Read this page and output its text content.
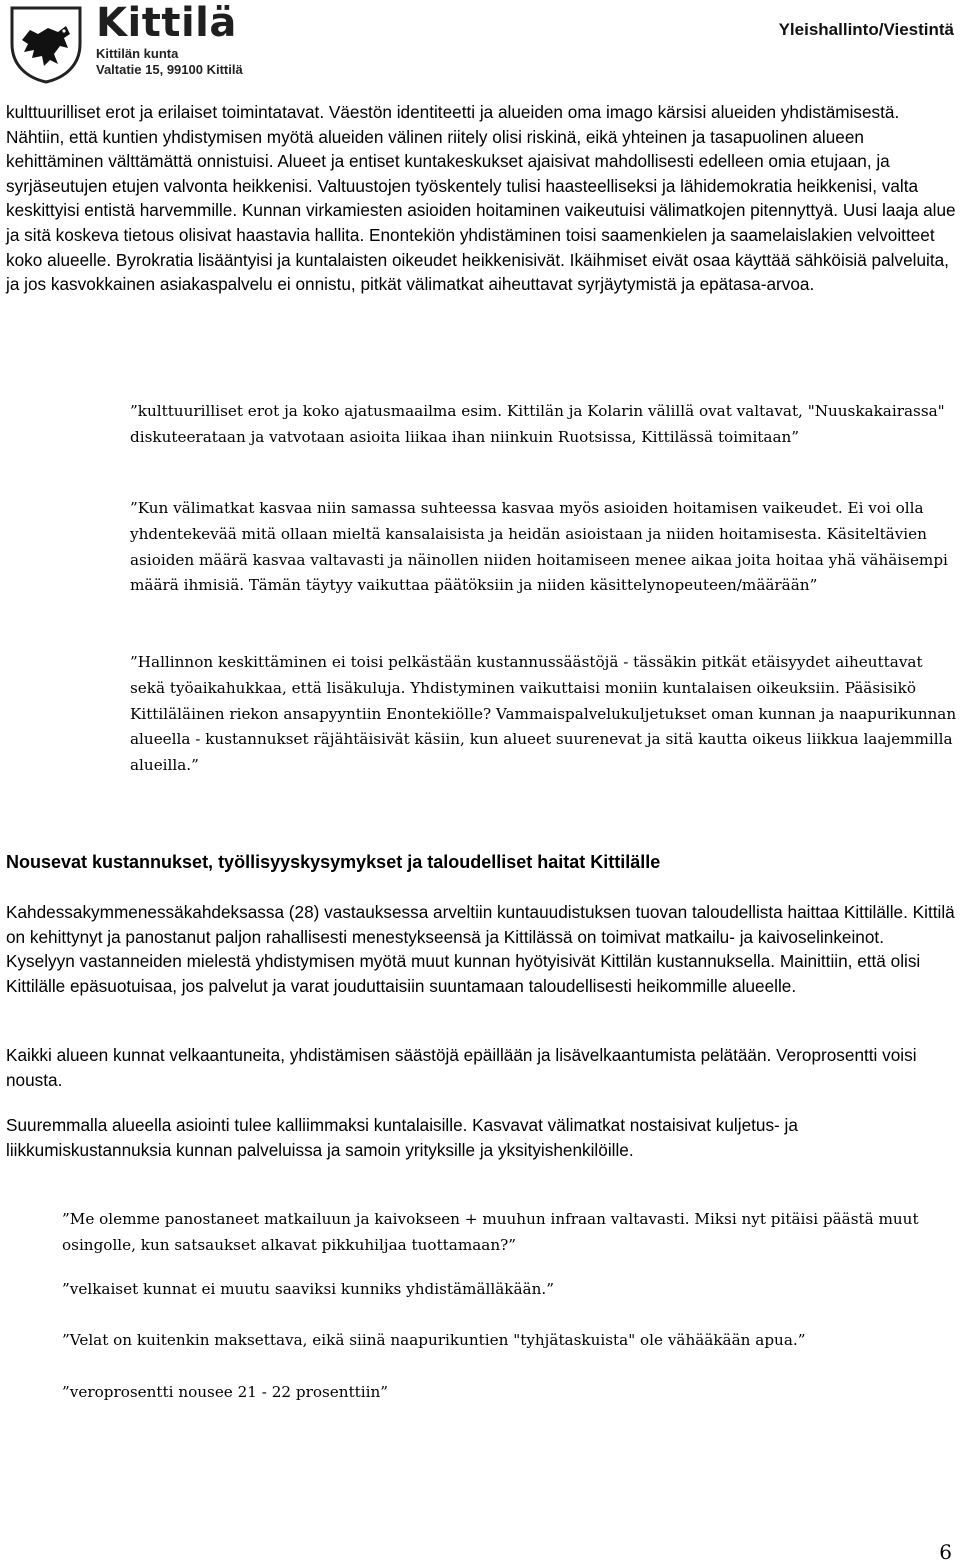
Kittilä
Kittilän kunta
Valtatie 15, 99100 Kittilä
Yleishallinto/Viestintä

kulttuurilliset erot ja erilaiset toimintatavat. Väestön identiteetti ja alueiden oma imago kärsisi alueiden yhdistämisestä. Nähtiin, että kuntien yhdistymisen myötä alueiden välinen riitely olisi riskinä, eikä yhteinen ja tasapuolinen alueen kehittäminen välttämättä onnistuisi. Alueet ja entiset kuntakeskukset ajaisivat mahdollisesti edelleen omia etujaan, ja syrjäseutujen etujen valvonta heikkenisi. Valtuustojen työskentely tulisi haasteelliseksi ja lähidemokratia heikkenisi, valta keskittyisi entistä harvemmille. Kunnan virkamiesten asioiden hoitaminen vaikeutuisi välimatkojen pitennyttyä. Uusi laaja alue ja sitä koskeva tietous olisivat haastavia hallita. Enontekiön yhdistäminen toisi saamenkielen ja saamelaislakien velvoitteet koko alueelle. Byrokratia lisääntyisi ja kuntalaisten oikeudet heikkenisivät. Ikäihmiset eivät osaa käyttää sähköisiä palveluita, ja jos kasvokkainen asiakaspalvelu ei onnistu, pitkät välimatkat aiheuttavat syrjäytymistä ja epätasa-arvoa.

”kulttuurilliset erot ja koko ajatusmaailma esim. Kittilän ja Kolarin välillä ovat valtavat, "Nuuskakairassa" diskuteerataan ja vatvotaan asioita liikaa ihan niinkuin Ruotsissa, Kittilässä toimitaan”

”Kun välimatkat kasvaa niin samassa suhteessa kasvaa myös asioiden hoitamisen vaikeudet. Ei voi olla yhdentekevää mitä ollaan mieltä kansalaisista ja heidän asioistaan ja niiden hoitamisesta. Käsiteltävien asioiden määrä kasvaa valtavasti ja näinollen niiden hoitamiseen menee aikaa joita hoitaa yhä vähäisempi määrä ihmisiä. Tämän täytyy vaikuttaa päätöksiin ja niiden käsittelynopeuteen/määrään”

”Hallinnon keskittäminen ei toisi pelkästään kustannussäästöjä - tässäkin pitkät etäisyydet aiheuttavat sekä työaikahukkaa, että lisäkuluja. Yhdistyminen vaikuttaisi moniin kuntalaisen oikeuksiin. Pääsisikö Kittiläläinen riekon ansapyyntiin Enontekiölle? Vammaispalvelukuljetukset oman kunnan ja naapurikunnan alueella - kustannukset räjähtäisivät käsiin, kun alueet suurenevat ja sitä kautta oikeus liikkua laajemmilla alueilla.”

Nousevat kustannukset, työllisyyskysymykset ja taloudelliset haitat Kittilälle

Kahdessakymmenessäkahdeksassa (28) vastauksessa arveltiin kuntauudistuksen tuovan taloudellista haittaa Kittilälle. Kittilä on kehittynyt ja panostanut paljon rahallisesti menestykseensä ja Kittilässä on toimivat matkailu- ja kaivoselinkeinot. Kyselyyn vastanneiden mielestä yhdistymisen myötä muut kunnan hyötyisivät Kittilän kustannuksella. Mainittiin, että olisi Kittilälle epäsuotuisaa, jos palvelut ja varat jouduttaisiin suuntamaan taloudellisesti heikommille alueelle.

Kaikki alueen kunnat velkaantuneita, yhdistämisen säästöjä epäillään ja lisävelkaantumista pelätään. Veroprosentti voisi nousta.

Suuremmalla alueella asiointi tulee kalliimmaksi kuntalaisille. Kasvavat välimatkat nostaisivat kuljetus- ja liikkumiskustannuksia kunnan palveluissa ja samoin yrityksille ja yksityishenkilöille.

”Me olemme panostaneet matkailuun ja kaivokseen + muuhun infraan valtavasti. Miksi nyt pitäisi päästä muut osingolle, kun satsaukset alkavat pikkuhiljaa tuottamaan?”

”velkaiset kunnat ei muutu saaviksi kunniks yhdistämälläkään.”

”Velat on kuitenkin maksettava, eikä siinä naapurikuntien "tyhjätaskuista" ole vähääkään apua.”

”veroprosentti nousee 21 - 22 prosenttiin”

6
